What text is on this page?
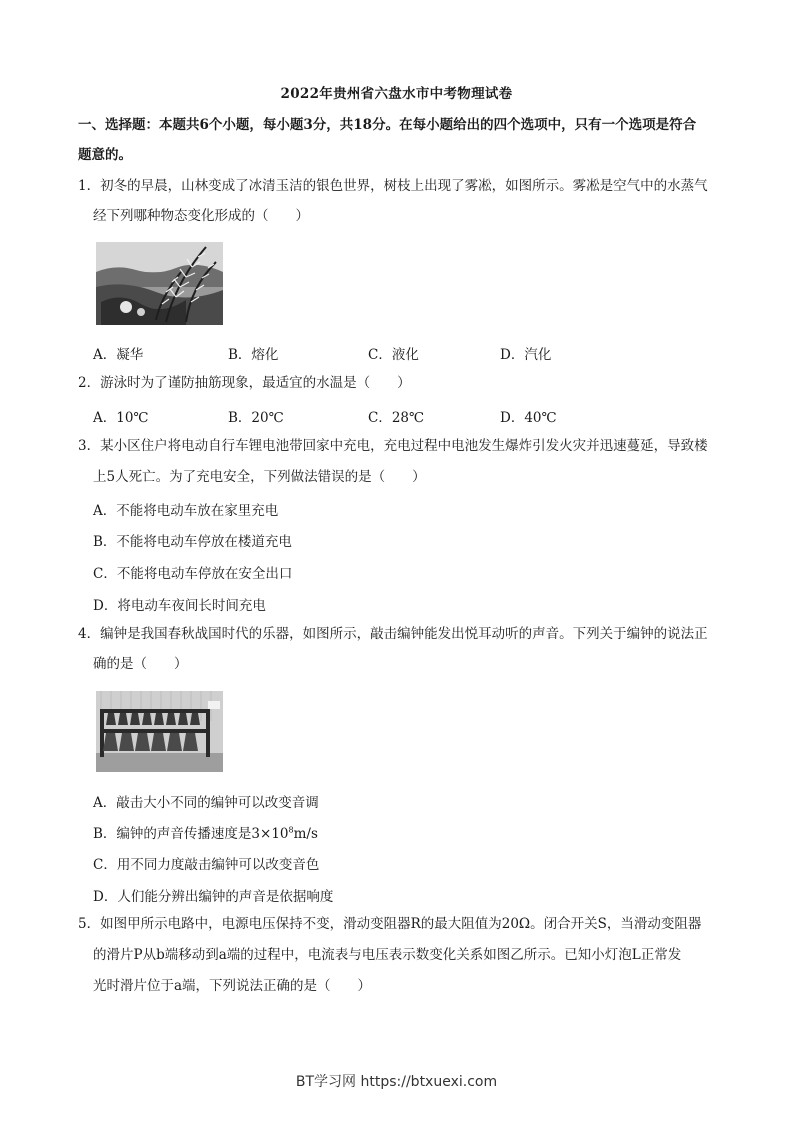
2022年贵州省六盘水市中考物理试卷
一、选择题：本题共6个小题，每小题3分，共18分。在每小题给出的四个选项中，只有一个选项是符合
题意的。
1．初冬的早晨，山林变成了冰清玉洁的银色世界，树枝上出现了雾凇，如图所示。雾凇是空气中的水蒸气
经下列哪种物态变化形成的（　　）
A．凝华	B．熔化	C．液化	D．汽化
2．游泳时为了谨防抽筋现象，最适宜的水温是（　　）
A．10℃	B．20℃	C．28℃	D．40℃
3．某小区住户将电动自行车锂电池带回家中充电，充电过程中电池发生爆炸引发火灾并迅速蔓延，导致楼
上5人死亡。为了充电安全，下列做法错误的是（　　）
A．不能将电动车放在家里充电
B．不能将电动车停放在楼道充电
C．不能将电动车停放在安全出口
D．将电动车夜间长时间充电
4．编钟是我国春秋战国时代的乐器，如图所示，敲击编钟能发出悦耳动听的声音。下列关于编钟的说法正
确的是（　　）
A．敲击大小不同的编钟可以改变音调
B．编钟的声音传播速度是$3\times 10^8m/s$
C．用不同力度敲击编钟可以改变音色
D．人们能分辨出编钟的声音是依据响度
5．如图甲所示电路中，电源电压保持不变，滑动变阻器R的最大阻值为20Ω。闭合开关S，当滑动变阻器
的滑片P从b端移动到a端的过程中，电流表与电压表示数变化关系如图乙所示。已知小灯泡L正常发
光时滑片位于a端，下列说法正确的是（　　）
BT学习网 https://btxuexi.com
